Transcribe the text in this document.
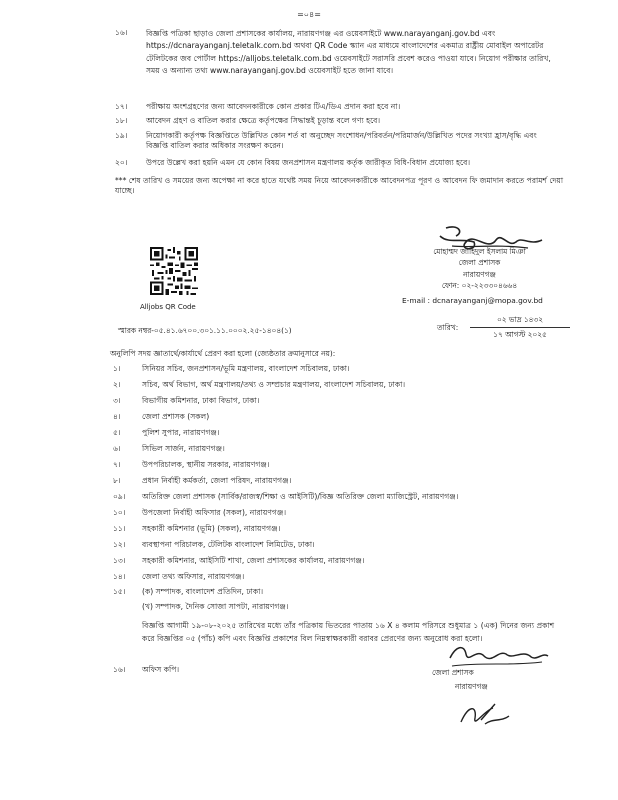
=০৪=
১৬।	বিজ্ঞপ্তি পত্রিকা ছাড়াও জেলা প্রশাসকের কার্যালয়, নারায়ণগঞ্জ এর ওয়েবসাইটে www.narayanganj.gov.bd এবং https://dcnarayanganj.teletalk.com.bd অথবা QR Code স্ক্যান এর মাধ্যমে বাংলাদেশের একমাত্র রাষ্ট্রীয় মোবাইল অপারেটর টেলিটকের জব পোর্টাল https://alljobs.teletalk.com.bd ওয়েবসাইটে সরাসরি প্রবেশ করেও পাওয়া যাবে। নিয়োগ পরীক্ষার তারিখ, সময় ও অন্যান্য তথ্য www.narayanganj.gov.bd ওয়েবসাইট হতে জানা যাবে।
১৭।	পরীক্ষায় অংশগ্রহণের জন্য আবেদনকারীকে কোন প্রকার টিএ/ডিএ প্রদান করা হবে না।
১৮।	আবেদন গ্রহণ ও বাতিল করার ক্ষেত্রে কর্তৃপক্ষের সিদ্ধান্তই চূড়ান্ত বলে গণ্য হবে।
১৯।	নিয়োগকারী কর্তৃপক্ষ বিজ্ঞপ্তিতে উল্লিখিত কোন শর্ত বা অনুচ্ছেদ সংশোধন/পরিবর্তন/পরিমার্জন/উল্লিখিত পদের সংখ্যা হ্রাস/বৃদ্ধি এবং বিজ্ঞপ্তি বাতিল করার অধিকার সংরক্ষণ করেন।
২০।	উপরে উল্লেখ করা হয়নি এমন যে কোন বিষয় জনপ্রশাসন মন্ত্রণালয় কর্তৃক জারীকৃত বিধি-বিধান প্রযোজ্য হবে।
*** শেষ তারিখ ও সময়ের জন্য অপেক্ষা না করে হাতে যথেষ্ট সময় নিয়ে আবেদনকারীকে আবেদনপত্র পূরণ ও আবেদন ফি জমাদান করতে পরামর্শ দেয়া যাচ্ছে।
Alljobs QR Code
মোহাম্মদ জাহিদুল ইসলাম মিঞা
জেলা প্রশাসক
নারায়ণগঞ্জ
ফোন: ০২-২২৩৩০৪৬৬৪
E-mail : dcnarayanganj@mopa.gov.bd
স্মারক নম্বর-০৫.৪১.৬৭০০.৩০১.১১.০০০২.২৫-১৪০৪(১)	তারিখ:
০২ ভাদ্র ১৪৩২
১৭ আগস্ট ২০২৫
অনুলিপি সদয় জ্ঞাতার্থে/কার্যার্থে প্রেরণ করা হলো (জ্যেষ্ঠতার ক্রমানুসারে নয়):
১।	সিনিয়র সচিব, জনপ্রশাসন/ভূমি মন্ত্রণালয়, বাংলাদেশ সচিবালয়, ঢাকা।
২।	সচিব, অর্থ বিভাগ, অর্থ মন্ত্রণালয়/তথ্য ও সম্প্রচার মন্ত্রণালয়, বাংলাদেশ সচিবালয়, ঢাকা।
৩।	বিভাগীয় কমিশনার, ঢাকা বিভাগ, ঢাকা।
৪।	জেলা প্রশাসক (সকল)
৫।	পুলিশ সুপার, নারায়ণগঞ্জ।
৬।	সিভিল সার্জন, নারায়ণগঞ্জ।
৭।	উপপরিচালক, স্থানীয় সরকার, নারায়ণগঞ্জ।
৮।	প্রধান নির্বাহী কর্মকর্তা, জেলা পরিষদ, নারায়ণগঞ্জ।
০৯।	অতিরিক্ত জেলা প্রশাসক (সার্বিক/রাজস্ব/শিক্ষা ও আইসিটি)/বিজ্ঞ অতিরিক্ত জেলা ম্যাজিস্ট্রেট, নারায়ণগঞ্জ।
১০।	উপজেলা নির্বাহী অফিসার (সকল), নারায়ণগঞ্জ।
১১।	সহকারী কমিশনার (ভূমি) (সকল), নারায়ণগঞ্জ।
১২।	ব্যবস্থাপনা পরিচালক, টেলিটক বাংলাদেশ লিমিটেড, ঢাকা।
১৩।	সহকারী কমিশনার, আইসিটি শাখা, জেলা প্রশাসকের কার্যালয়, নারায়ণগঞ্জ।
১৪।	জেলা তথ্য অফিসার, নারায়ণগঞ্জ।
১৫।	(ক) সম্পাদক, বাংলাদেশ প্রতিদিন, ঢাকা।
(খ) সম্পাদক, দৈনিক সোজা সাপটা, নারায়ণগঞ্জ।
বিজ্ঞপ্তি আগামী ১৯-০৮-২০২৫ তারিখের মধ্যে তাঁর পত্রিকায় ভিতরের পাতায় ১৬ X ৪ কলাম পরিসরে শুধুমাত্র ১ (এক) দিনের জন্য প্রকাশ করে বিজ্ঞপ্তির ০৫ (পাঁচ) কপি এবং বিজ্ঞপ্তি প্রকাশের বিল নিম্নস্বাক্ষরকারী বরাবর প্রেরণের জন্য অনুরোধ করা হলো।
১৬।	অফিস কপি।	জেলা প্রশাসক
নারায়ণগঞ্জ
